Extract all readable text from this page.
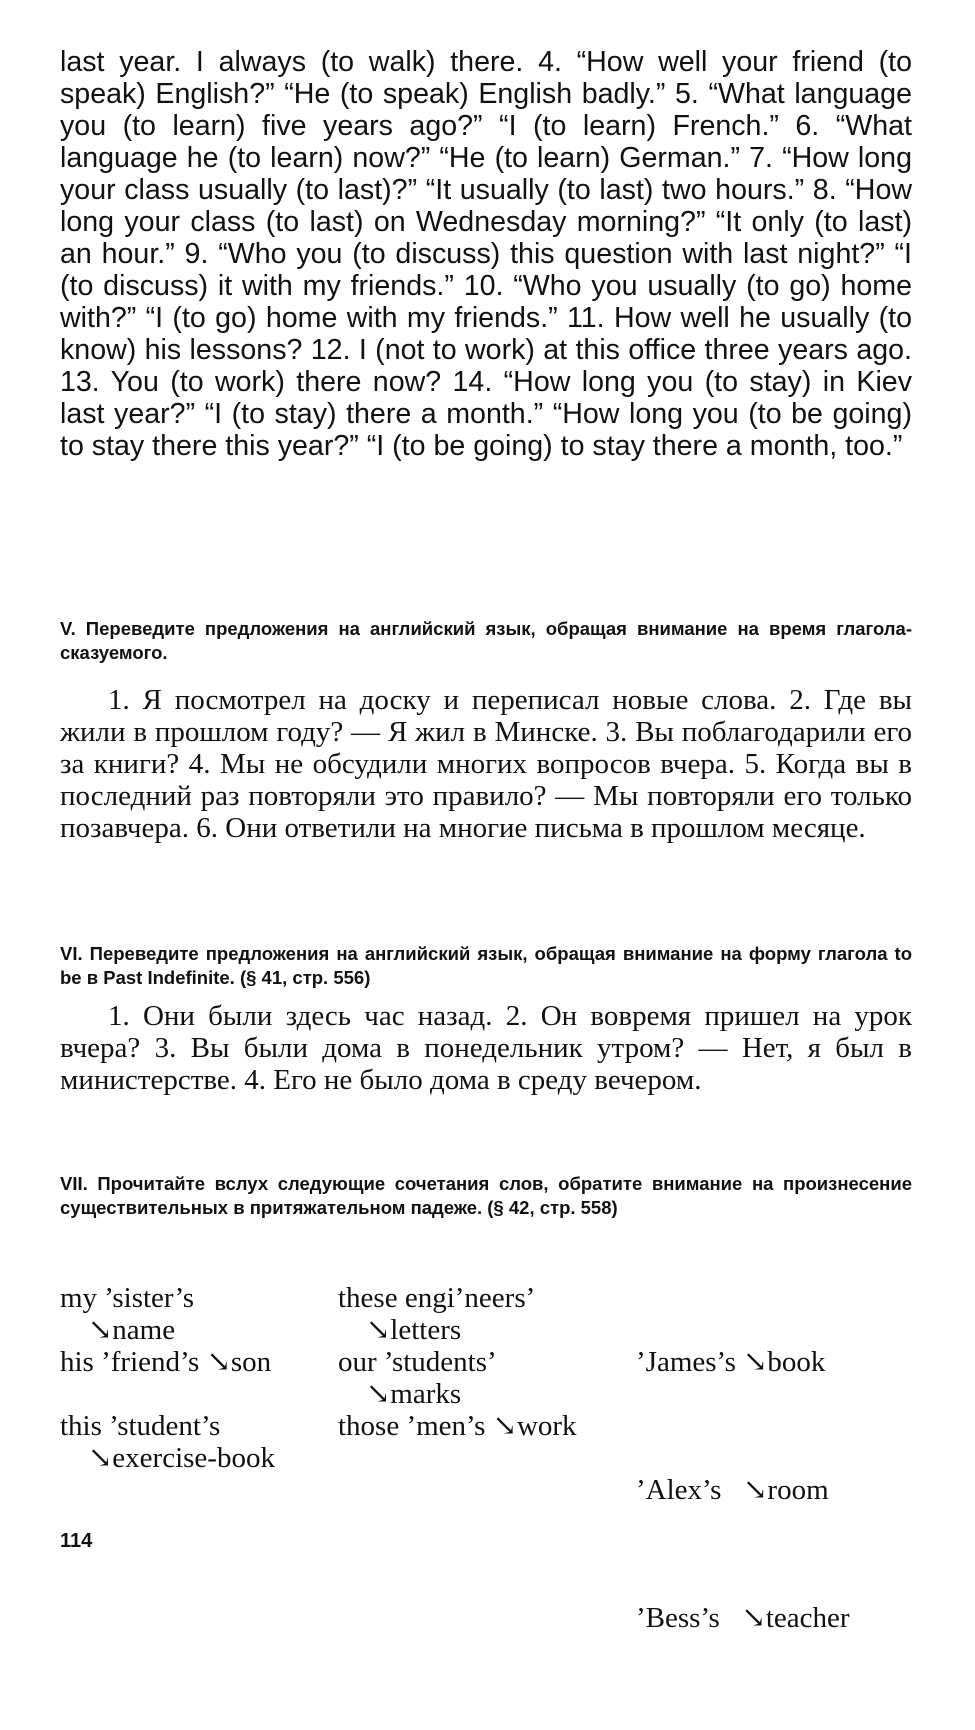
last year. I always (to walk) there. 4. “How well your friend (to speak) English?” “He (to speak) English badly.” 5. “What language you (to learn) five years ago?” “I (to learn) French.” 6. “What language he (to learn) now?” “He (to learn) German.” 7. “How long your class usually (to last)?” “It usually (to last) two hours.” 8. “How long your class (to last) on Wednesday morning?” “It only (to last) an hour.” 9. “Who you (to discuss) this question with last night?” “I (to discuss) it with my friends.” 10. “Who you usually (to go) home with?” “I (to go) home with my friends.” 11. How well he usually (to know) his lessons? 12. I (not to work) at this office three years ago. 13. You (to work) there now? 14. “How long you (to stay) in Kiev last year?” “I (to stay) there a month.” “How long you (to be going) to stay there this year?” “I (to be going) to stay there a month, too.”

V. Переведите предложения на английский язык, обращая внимание на время глагола-сказуемого.

1. Я посмотрел на доску и переписал новые слова. 2. Где вы жили в прошлом году? — Я жил в Минске. 3. Вы поблагодарили его за книги? 4. Мы не обсудили многих вопросов вчера. 5. Когда вы в последний раз повторяли это правило? — Мы повторяли его только позавчера. 6. Они ответили на многие письма в прошлом месяце.

VI. Переведите предложения на английский язык, обращая внимание на форму глагола to be в Past Indefinite. (§ 41, стр. 556)

1. Они были здесь час назад. 2. Он вовремя пришел на урок вчера? 3. Вы были дома в понедельник утром? — Нет, я был в министерстве. 4. Его не было дома в среду вечером.

VII. Прочитайте вслух следующие сочетания слов, обратите внимание на произнесение существительных в притяжательном падеже. (§ 42, стр. 558)

my ’sister’s
↘name
his ’friend’s ↘son
this ’student’s
↘exercise-book
these engi’neers’
↘letters
our ’students’
↘marks
those ’men’s ↘work

’James’s ↘book

’Alex’s   ↘room

’Bess’s   ↘teacher

114
